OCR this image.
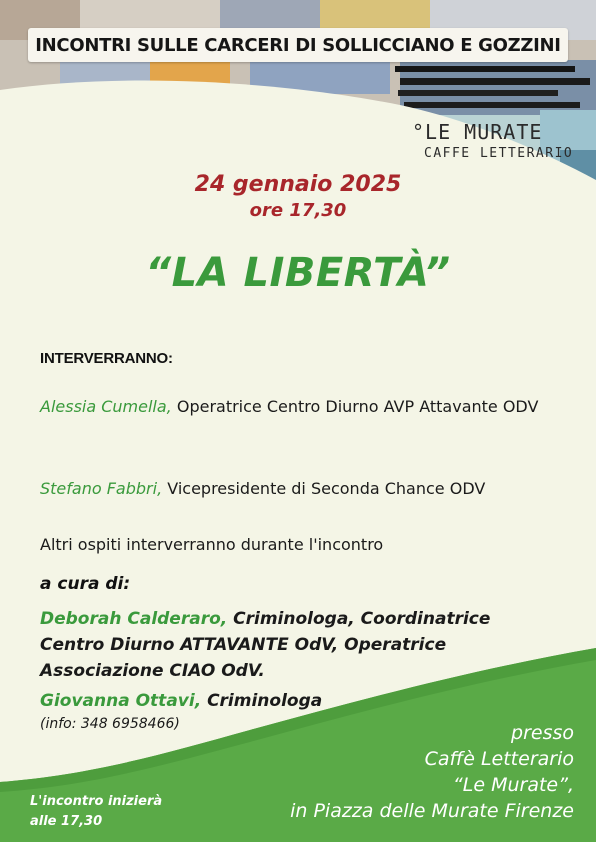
INCONTRI SULLE CARCERI DI SOLLICCIANO E GOZZINI
°LE MURATE
CAFFE LETTERARIO
24 gennaio 2025
ore 17,30
“LA LIBERTÀ”
INTERVERRANNO:
Alessia Cumella, Operatrice Centro Diurno AVP Attavante ODV
Stefano Fabbri, Vicepresidente di Seconda Chance ODV
Altri ospiti interverranno durante l'incontro
a cura di:
Deborah Calderaro, Criminologa, Coordinatrice Centro Diurno ATTAVANTE OdV, Operatrice Associazione CIAO OdV.
Giovanna Ottavi, Criminologa
(info: 348 6958466)	presso
Caffè Letterario
“Le Murate”,
in Piazza delle Murate Firenze
L'incontro inizierà
alle 17,30
